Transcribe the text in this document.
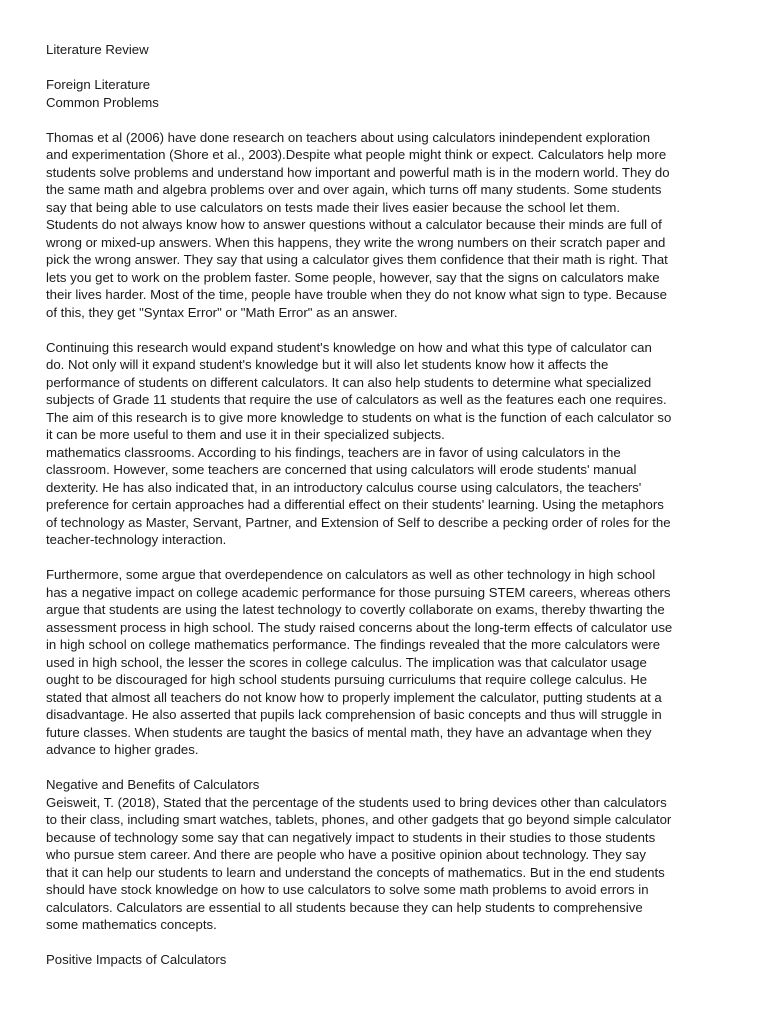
Literature Review
Foreign Literature
Common Problems
Thomas et al (2006) have done research on teachers about using calculators inindependent exploration
and experimentation (Shore et al., 2003).Despite what people might think or expect. Calculators help more
students solve problems and understand how important and powerful math is in the modern world. They do
the same math and algebra problems over and over again, which turns off many students. Some students
say that being able to use calculators on tests made their lives easier because the school let them.
Students do not always know how to answer questions without a calculator because their minds are full of
wrong or mixed-up answers. When this happens, they write the wrong numbers on their scratch paper and
pick the wrong answer. They say that using a calculator gives them confidence that their math is right. That
lets you get to work on the problem faster. Some people, however, say that the signs on calculators make
their lives harder. Most of the time, people have trouble when they do not know what sign to type. Because
of this, they get "Syntax Error" or "Math Error" as an answer.
Continuing this research would expand student's knowledge on how and what this type of calculator can
do. Not only will it expand student's knowledge but it will also let students know how it affects the
performance of students on different calculators. It can also help students to determine what specialized
subjects of Grade 11 students that require the use of calculators as well as the features each one requires.
The aim of this research is to give more knowledge to students on what is the function of each calculator so
it can be more useful to them and use it in their specialized subjects.
mathematics classrooms. According to his findings, teachers are in favor of using calculators in the
classroom. However, some teachers are concerned that using calculators will erode students' manual
dexterity. He has also indicated that, in an introductory calculus course using calculators, the teachers'
preference for certain approaches had a differential effect on their students' learning. Using the metaphors
of technology as Master, Servant, Partner, and Extension of Self to describe a pecking order of roles for the
teacher-technology interaction.
Furthermore, some argue that overdependence on calculators as well as other technology in high school
has a negative impact on college academic performance for those pursuing STEM careers, whereas others
argue that students are using the latest technology to covertly collaborate on exams, thereby thwarting the
assessment process in high school. The study raised concerns about the long-term effects of calculator use
in high school on college mathematics performance. The findings revealed that the more calculators were
used in high school, the lesser the scores in college calculus. The implication was that calculator usage
ought to be discouraged for high school students pursuing curriculums that require college calculus. He
stated that almost all teachers do not know how to properly implement the calculator, putting students at a
disadvantage. He also asserted that pupils lack comprehension of basic concepts and thus will struggle in
future classes. When students are taught the basics of mental math, they have an advantage when they
advance to higher grades.
Negative and Benefits of Calculators
Geisweit, T. (2018), Stated that the percentage of the students used to bring devices other than calculators
to their class, including smart watches, tablets, phones, and other gadgets that go beyond simple calculator
because of technology some say that can negatively impact to students in their studies to those students
who pursue stem career. And there are people who have a positive opinion about technology. They say
that it can help our students to learn and understand the concepts of mathematics. But in the end students
should have stock knowledge on how to use calculators to solve some math problems to avoid errors in
calculators. Calculators are essential to all students because they can help students to comprehensive
some mathematics concepts.
Positive Impacts of Calculators
